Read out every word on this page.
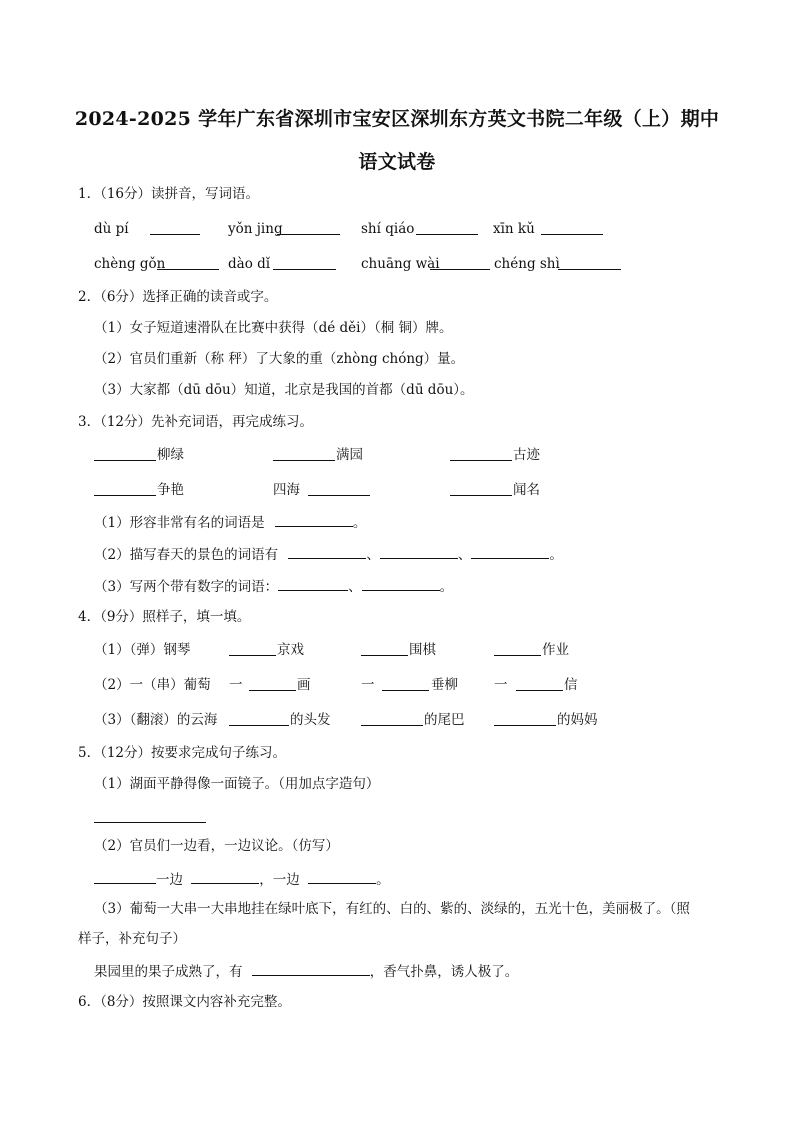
2024-2025 学年广东省深圳市宝安区深圳东方英文书院二年级（上）期中
语文试卷
1．（16分）读拼音，写词语。
dù pí	yǒn jing	shí qiáo	xīn kǔ
chèng gǒn	dào dǐ	chuāng wài	chéng shì
2．（6分）选择正确的读音或字。
（1）女子短道速滑队在比赛中获得（dé děi）（桐 铜）牌。
（2）官员们重新（称 秤）了大象的重（zhòng chóng）量。
（3）大家都（dū dōu）知道，北京是我国的首都（dū dōu）。
3．（12分）先补充词语，再完成练习。
柳绿	满园	古迹
争艳	四海	闻名
（1）形容非常有名的词语是	。
（2）描写春天的景色的词语有	、	、	。
（3）写两个带有数字的词语：	、	。
4．（9分）照样子，填一填。
（1）（弹）钢琴	京戏	围棋	作业
（2）一（串）葡萄 一	画	一	垂柳	一	信
（3）（翻滚）的云海	的头发	的尾巴	的妈妈
5．（12分）按要求完成句子练习。
（1）湖面平静得像一面镜子。（用加点字造句）
（2）官员们一边看，一边议论。（仿写）
一边	，一边	。
（3）葡萄一大串一大串地挂在绿叶底下，有红的、白的、紫的、淡绿的，五光十色，美丽极了。（照
样子，补充句子）
果园里的果子成熟了，有	，香气扑鼻，诱人极了。
6．（8分）按照课文内容补充完整。
